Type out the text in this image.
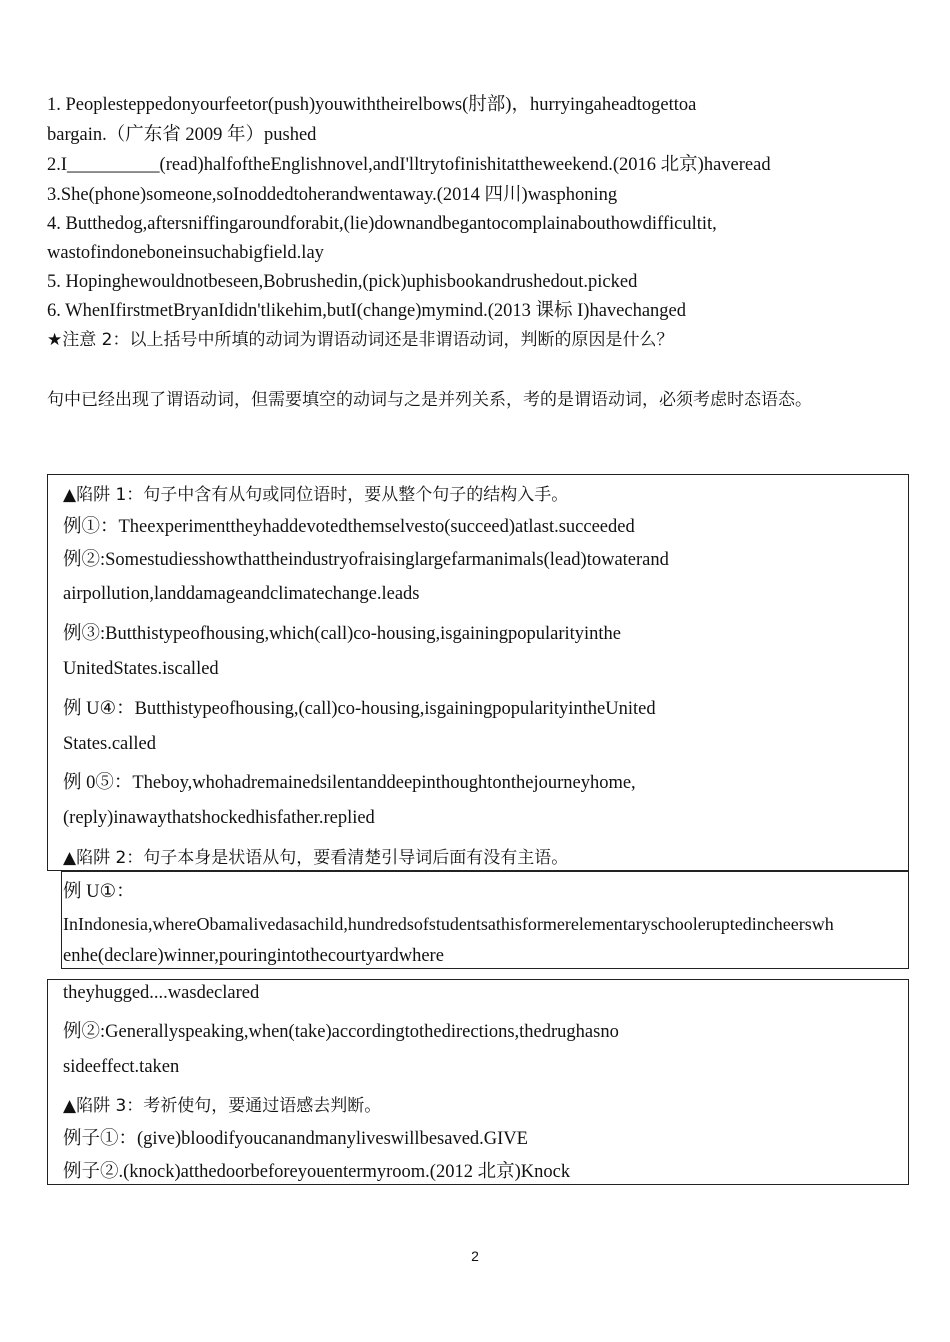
1. Peoplesteppedonyourfeetor(push)youwiththeirelbows(肘部)，hurryingaheadtogettoa
bargain.（广东省 2009 年）pushed
2.I__________(read)halfoftheEnglishnovel,andI'lltrytofinishitattheweekend.(2016 北京)haveread
3.She(phone)someone,soInoddedtoherandwentaway.(2014 四川)wasphoning
4. Butthedog,aftersniffingaroundforabit,(lie)downandbegantocomplainabouthowdifficultit,
wastofindoneboneinsuchabigfield.lay
5. Hopinghewouldnotbeseen,Bobrushedin,(pick)uphisbookandrushedout.picked
6. WhenIfirstmetBryanIdidn'tlikehim,butI(change)mymind.(2013 课标 I)havechanged
★注意 2：以上括号中所填的动词为谓语动词还是非谓语动词，判断的原因是什么？
句中已经出现了谓语动词，但需要填空的动词与之是并列关系，考的是谓语动词，必须考虑时态语态。
▲陷阱 1：句子中含有从句或同位语时，要从整个句子的结构入手。
例①：Theexperimenttheyhaddevotedthemselvesto(succeed)atlast.succeeded
例②:Somestudiesshowthattheindustryofraisinglargefarmanimals(lead)towaterand
airpollution,landdamageandclimatechange.leads
例③:Butthistypeofhousing,which(call)co-housing,isgainingpopularityinthe
UnitedStates.iscalled
例 U④：Butthistypeofhousing,(call)co-housing,isgainingpopularityintheUnited
States.called
例 0⑤：Theboy,whohadremainedsilentanddeepinthoughtonthejourneyhome,
(reply)inawaythatshockedhisfather.replied
▲陷阱 2：句子本身是状语从句，要看清楚引导词后面有没有主语。
例 U①：
InIndonesia,whereObamalivedasachild,hundredsofstudentsathisformerelementaryschooleruptedincheerswh
enhe(declare)winner,pouringintothecourtyardwhere
theyhugged....wasdeclared
例②:Generallyspeaking,when(take)accordingtothedirections,thedrughasno
sideeffect.taken
▲陷阱 3：考祈使句，要通过语感去判断。
例子①：(give)bloodifyoucanandmanyliveswillbesaved.GIVE
例子②.(knock)atthedoorbeforeyouentermyroom.(2012 北京)Knock
2
